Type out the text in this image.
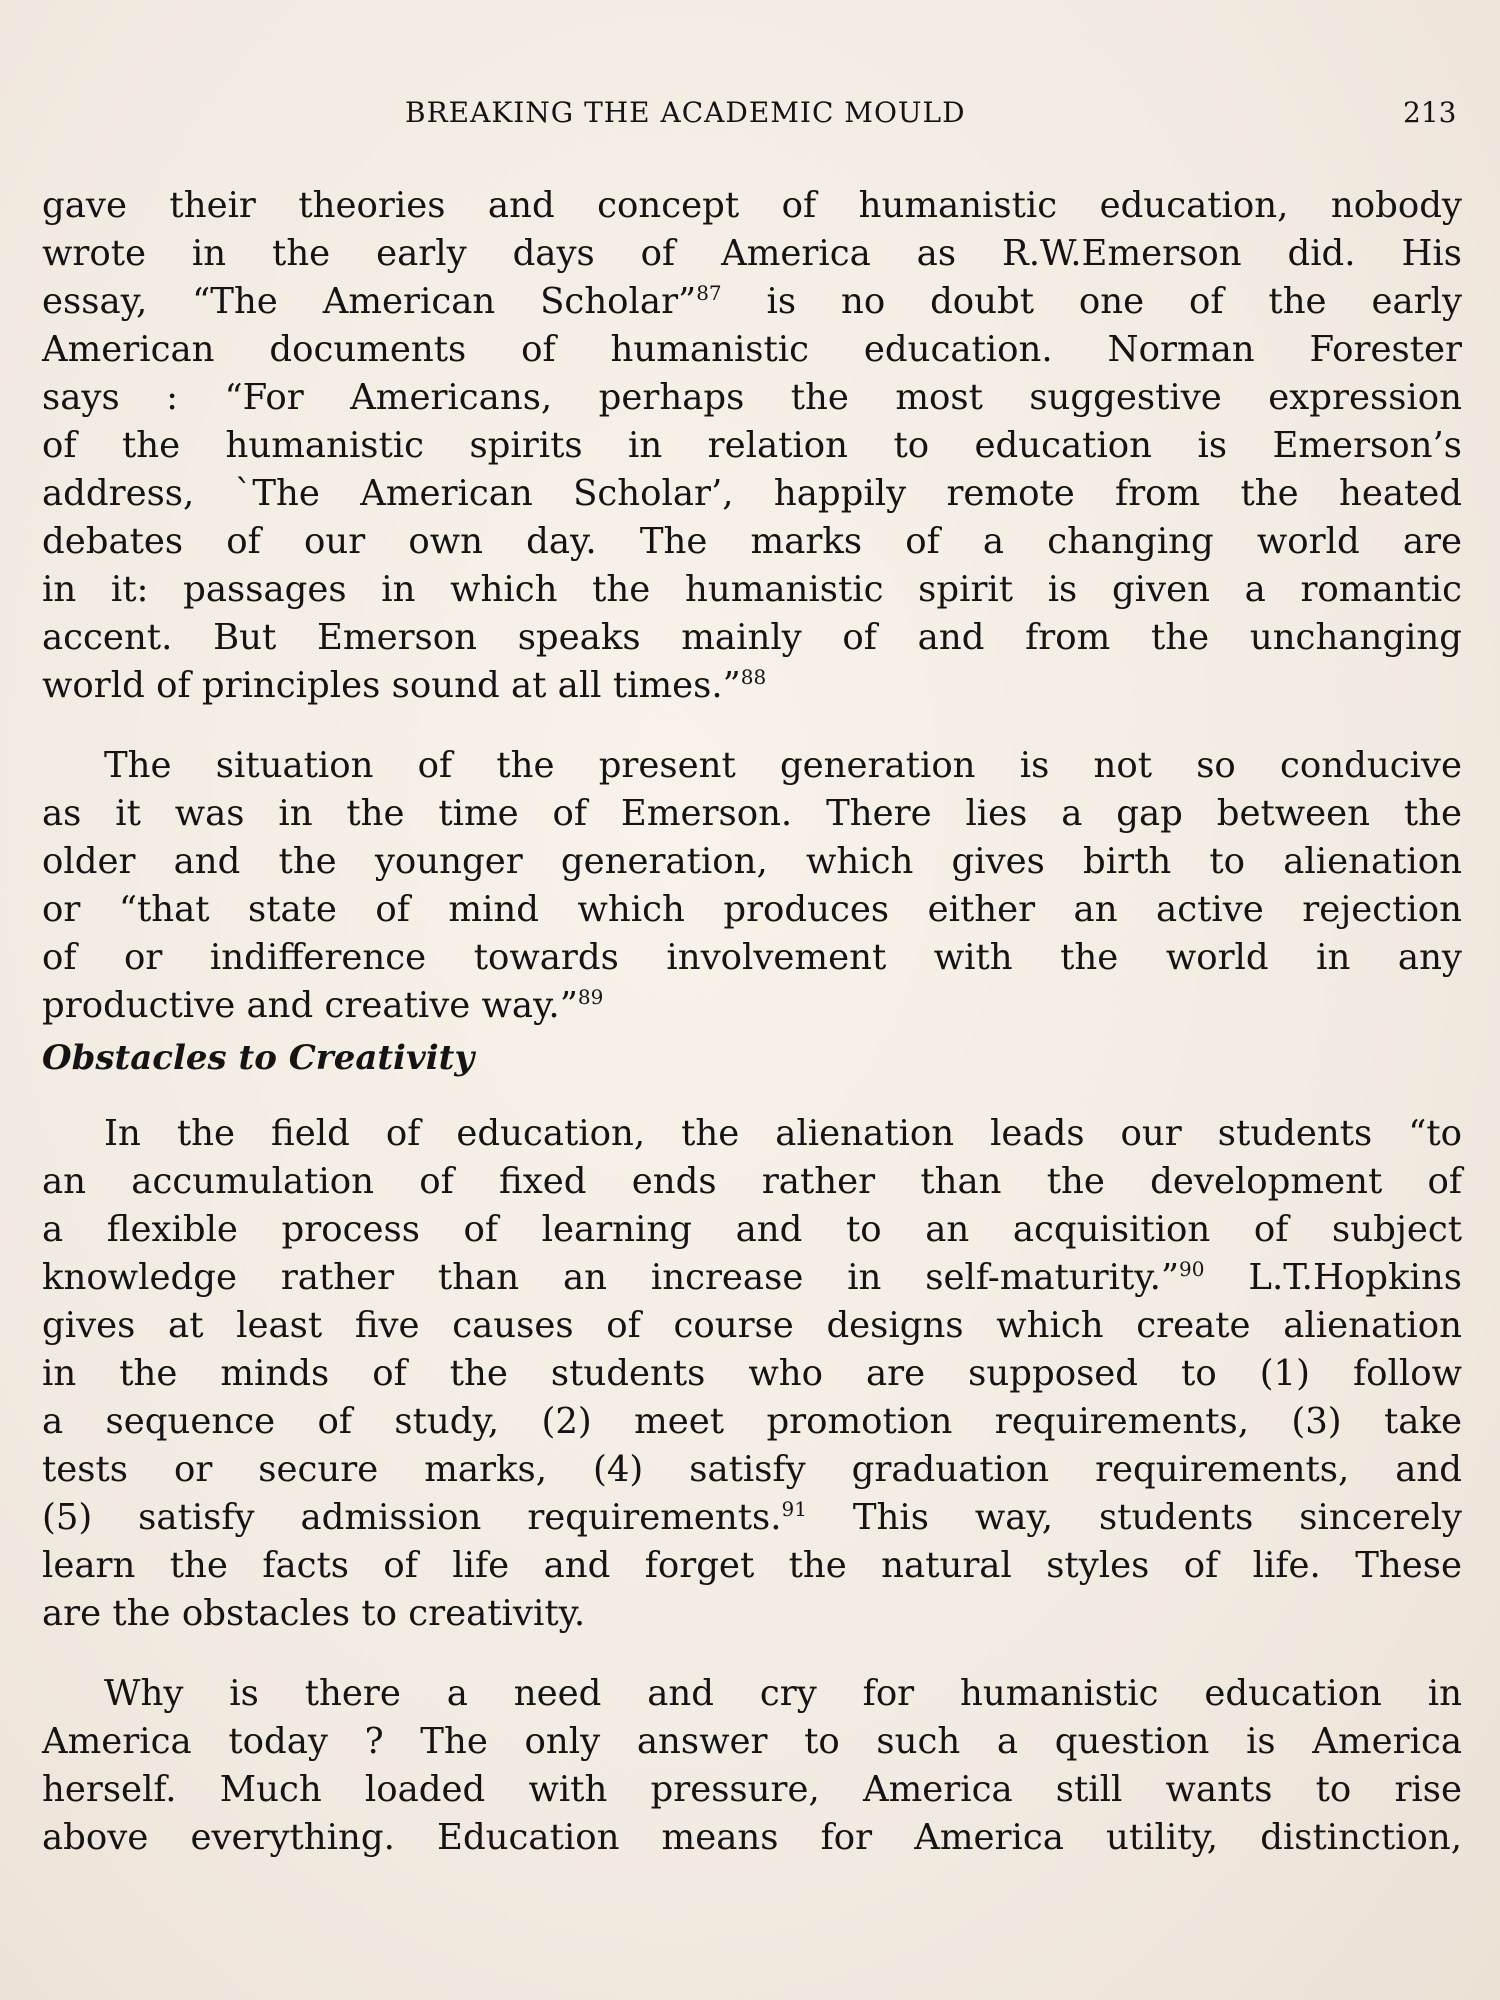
BREAKING THE ACADEMIC MOULD	213
gave their theories and concept of humanistic education, nobody
wrote in the early days of America as R.W.Emerson did. His
essay, “The American Scholar”$^{87}$ is no doubt one of the early
American documents of humanistic education. Norman Forester
says : “For Americans, perhaps the most suggestive expression
of the humanistic spirits in relation to education is Emerson’s
address, `The American Scholar’, happily remote from the heated
debates of our own day. The marks of a changing world are
in it: passages in which the humanistic spirit is given a romantic
accent. But Emerson speaks mainly of and from the unchanging
world of principles sound at all times.”$^{88}$
The situation of the present generation is not so conducive
as it was in the time of Emerson. There lies a gap between the
older and the younger generation, which gives birth to alienation
or “that state of mind which produces either an active rejection
of or indifference towards involvement with the world in any
productive and creative way.”$^{89}$
Obstacles to Creativity
In the field of education, the alienation leads our students “to
an accumulation of fixed ends rather than the development of
a flexible process of learning and to an acquisition of subject
knowledge rather than an increase in self-maturity.”$^{90}$ L.T.Hopkins
gives at least five causes of course designs which create alienation
in the minds of the students who are supposed to (1) follow
a sequence of study, (2) meet promotion requirements, (3) take
tests or secure marks, (4) satisfy graduation requirements, and
(5) satisfy admission requirements.$^{91}$ This way, students sincerely
learn the facts of life and forget the natural styles of life. These
are the obstacles to creativity.
Why is there a need and cry for humanistic education in
America today ? The only answer to such a question is America
herself. Much loaded with pressure, America still wants to rise
above everything. Education means for America utility, distinction,
